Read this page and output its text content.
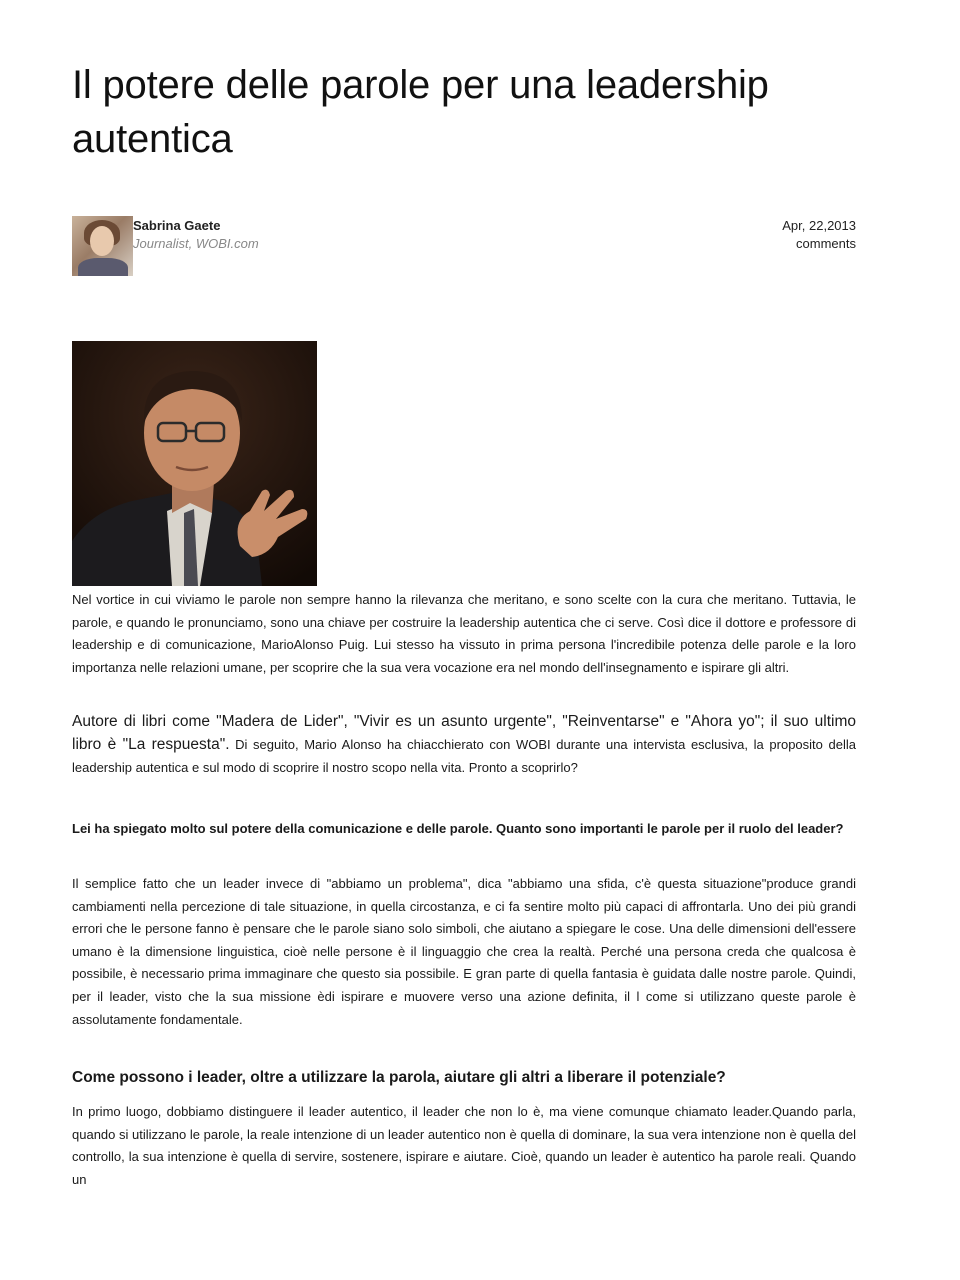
Il potere delle parole per una leadership autentica
Sabrina Gaete
Journalist, WOBI.com
Apr, 22,2013
comments

Nel vortice in cui viviamo le parole non sempre hanno la rilevanza che meritano, e sono scelte con la cura che meritano. Tuttavia, le parole, e quando le pronunciamo, sono una chiave per costruire la leadership autentica che ci serve. Così dice il dottore e professore di leadership e di comunicazione, MarioAlonso Puig. Lui stesso ha vissuto in prima persona l'incredibile potenza delle parole e la loro importanza nelle relazioni umane, per scoprire che la sua vera vocazione era nel mondo dell'insegnamento e ispirare gli altri.

Autore di libri come "Madera de Lider", "Vivir es un asunto urgente", "Reinventarse" e "Ahora yo"; il suo ultimo libro è "La respuesta". Di seguito, Mario Alonso ha chiacchierato con WOBI durante una intervista esclusiva, la proposito della leadership autentica e sul modo di scoprire il nostro scopo nella vita. Pronto a scoprirlo?

Lei ha spiegato molto sul potere della comunicazione e delle parole. Quanto sono importanti le parole per il ruolo del leader?

Il semplice fatto che un leader invece di "abbiamo un problema", dica "abbiamo una sfida, c'è questa situazione"produce grandi cambiamenti nella percezione di tale situazione, in quella circostanza, e ci fa sentire molto più capaci di affrontarla. Uno dei più grandi errori che le persone fanno è pensare che le parole siano solo simboli, che aiutano a spiegare le cose. Una delle dimensioni dell'essere umano è la dimensione linguistica, cioè nelle persone è il linguaggio che crea la realtà. Perché una persona creda che qualcosa è possibile, è necessario prima immaginare che questo sia possibile. E gran parte di quella fantasia è guidata dalle nostre parole. Quindi, per il leader, visto che la sua missione èdi ispirare e muovere verso una azione definita, il l come si utilizzano queste parole è assolutamente fondamentale.

Come possono i leader, oltre a utilizzare la parola, aiutare gli altri a liberare il potenziale?

In primo luogo, dobbiamo distinguere il leader autentico, il leader che non lo è, ma viene comunque chiamato leader.Quando parla, quando si utilizzano le parole, la reale intenzione di un leader autentico non è quella di dominare, la sua vera intenzione non è quella del controllo, la sua intenzione è quella di servire, sostenere, ispirare e aiutare. Cioè, quando un leader è autentico ha parole reali. Quando un
